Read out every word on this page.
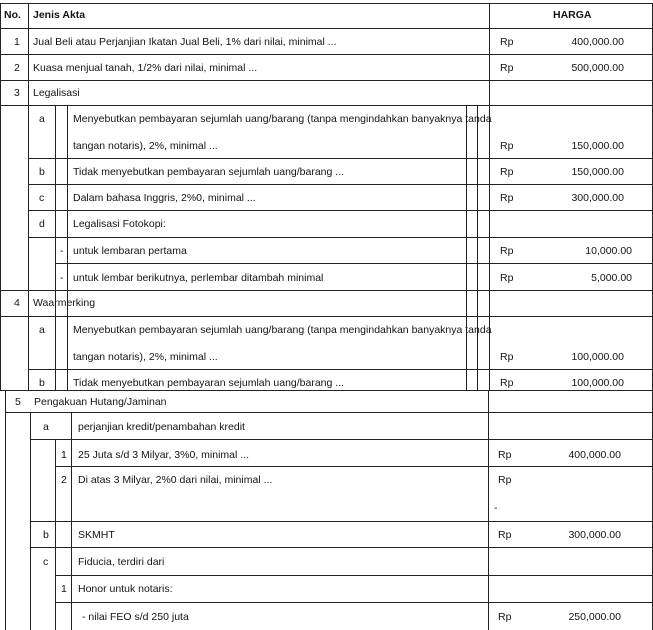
No. Jenis Akta	HARGA
1 Jual Beli atau Perjanjian Ikatan Jual Beli, 1% dari nilai, minimal ...	Rp	400,000.00
2 Kuasa menjual tanah, 1/2% dari nilai, minimal ...	Rp	500,000.00
3 Legalisasi
a	Menyebutkan pembayaran sejumlah uang/barang (tanpa mengindahkan banyaknya tanda
tangan notaris), 2%, minimal ...	Rp	150,000.00
b	Tidak menyebutkan pembayaran sejumlah uang/barang ...	Rp	150,000.00
c	Dalam bahasa Inggris, 2%0, minimal ...	Rp	300,000.00
d	Legalisasi Fotokopi:
- untuk lembaran pertama	Rp	10,000.00
- untuk lembar berikutnya, perlembar ditambah minimal	Rp	5,000.00
4 Waarmerking
a	Menyebutkan pembayaran sejumlah uang/barang (tanpa mengindahkan banyaknya tanda
tangan notaris), 2%, minimal ...	Rp	100,000.00
b	Tidak menyebutkan pembayaran sejumlah uang/barang ...	Rp	100,000.00
5 Pengakuan Hutang/Jaminan
a	perjanjian kredit/penambahan kredit
1 25 Juta s/d 3 Milyar, 3%0, minimal ...	Rp	400,000.00
2 Di atas 3 Milyar, 2%0 dari nilai, minimal ...	Rp
-
b	SKMHT	Rp	300,000.00
c	Fiducia, terdiri dari
1 Honor untuk notaris:
- nilai FEO s/d 250 juta	Rp	250,000.00
